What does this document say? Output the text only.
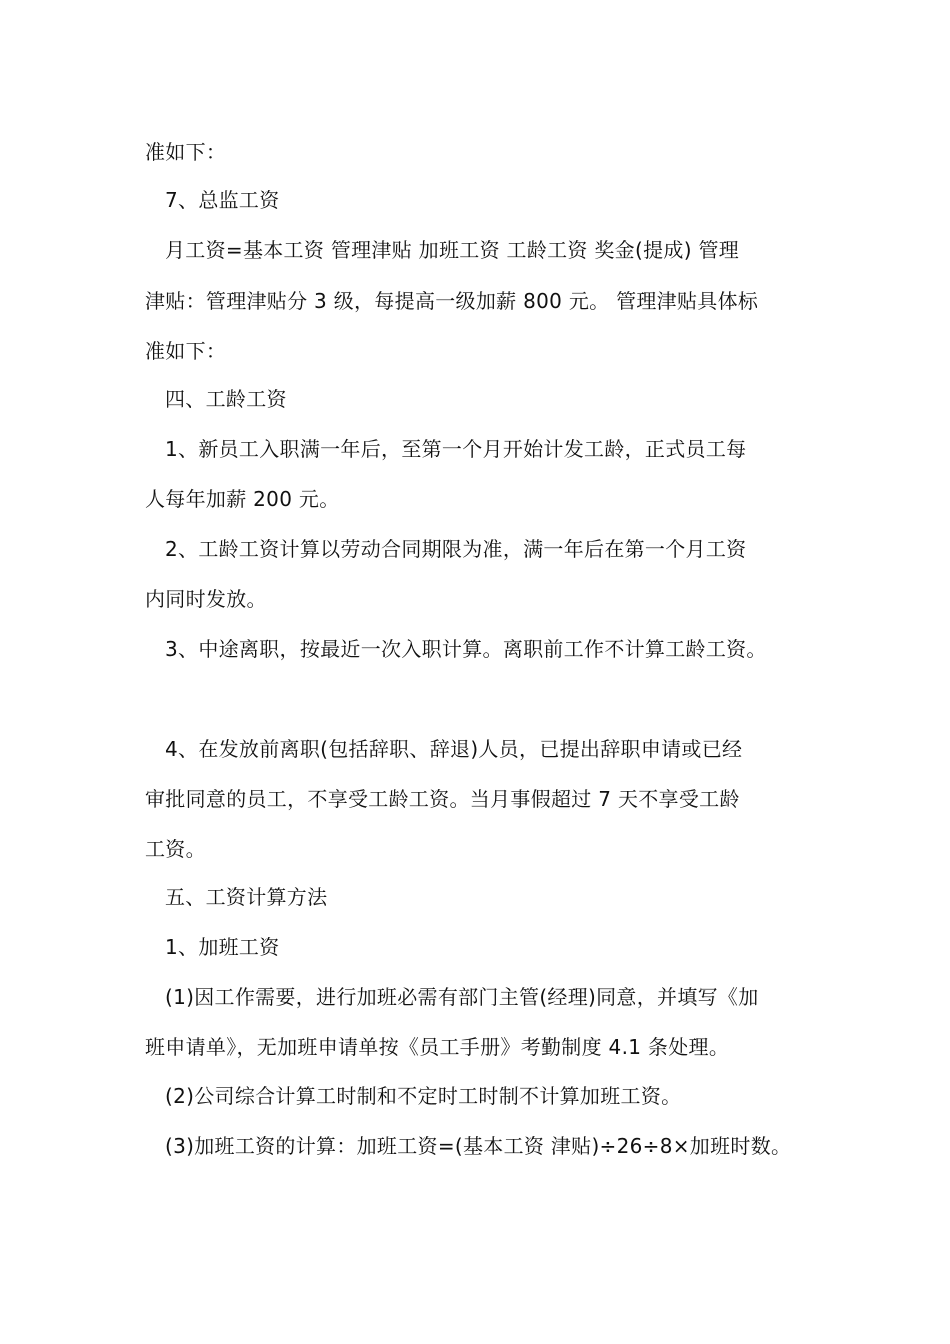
准如下：
7、总监工资
月工资=基本工资 管理津贴 加班工资 工龄工资 奖金(提成) 管理
津贴：管理津贴分 3 级，每提高一级加薪 800 元。 管理津贴具体标
准如下：
四、工龄工资
1、新员工入职满一年后，至第一个月开始计发工龄，正式员工每
人每年加薪 200 元。
2、工龄工资计算以劳动合同期限为准，满一年后在第一个月工资
内同时发放。
3、中途离职，按最近一次入职计算。离职前工作不计算工龄工资。
4、在发放前离职(包括辞职、辞退)人员，已提出辞职申请或已经
审批同意的员工，不享受工龄工资。当月事假超过 7 天不享受工龄
工资。
五、工资计算方法
1、加班工资
(1)因工作需要，进行加班必需有部门主管(经理)同意，并填写《加
班申请单》，无加班申请单按《员工手册》考勤制度 4.1 条处理。
(2)公司综合计算工时制和不定时工时制不计算加班工资。
(3)加班工资的计算：加班工资=(基本工资 津贴)÷26÷8×加班时数。
